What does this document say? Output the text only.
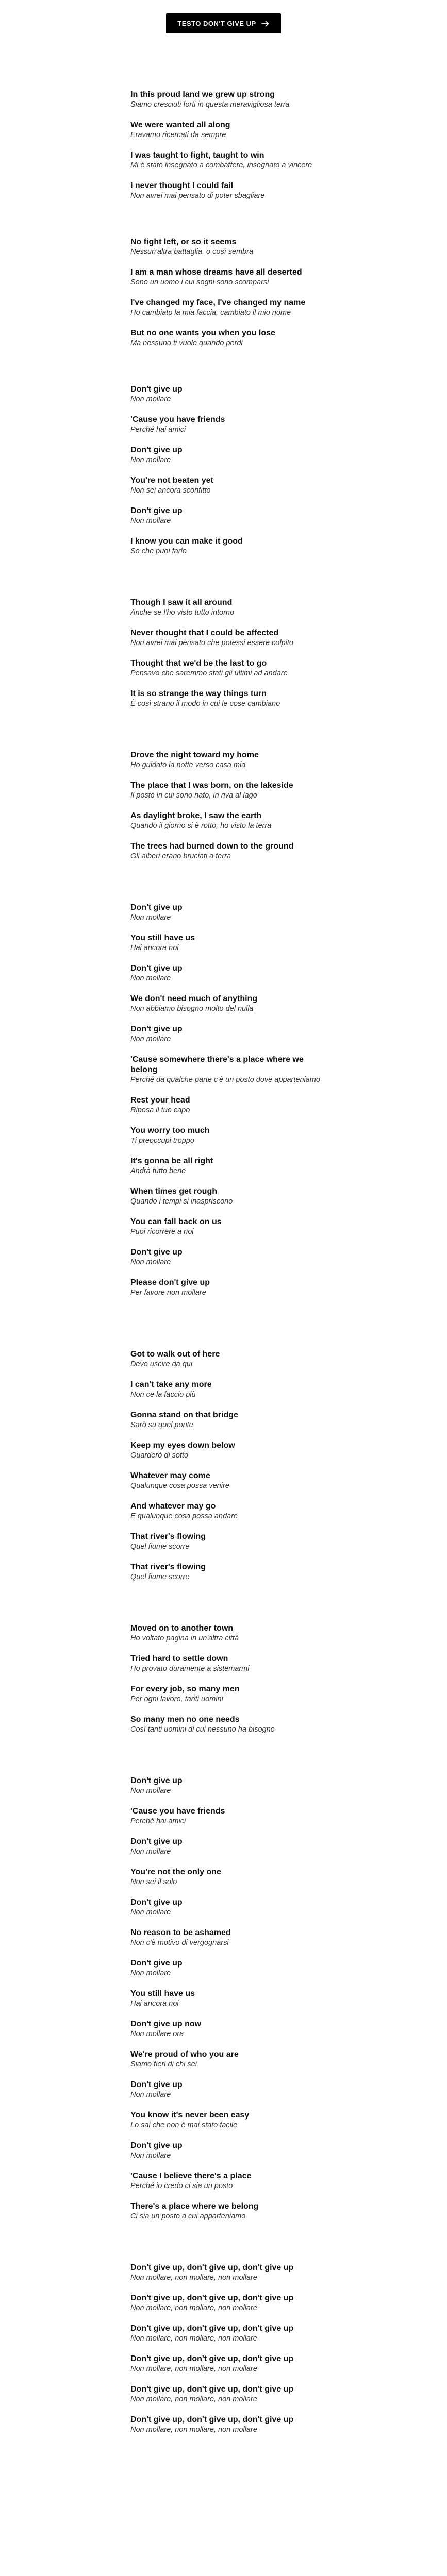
TESTO DON'T GIVE UP
In this proud land we grew up strong
Siamo cresciuti forti in questa meravigliosa terra
We were wanted all along
Eravamo ricercati da sempre
I was taught to fight, taught to win
Mi è stato insegnato a combattere, insegnato a vincere
I never thought I could fail
Non avrei mai pensato di poter sbagliare
No fight left, or so it seems
Nessun'altra battaglia, o così sembra
I am a man whose dreams have all deserted
Sono un uomo i cui sogni sono scomparsi
I've changed my face, I've changed my name
Ho cambiato la mia faccia, cambiato il mio nome
But no one wants you when you lose
Ma nessuno ti vuole quando perdi
Don't give up
Non mollare
'Cause you have friends
Perché hai amici
Don't give up
Non mollare
You're not beaten yet
Non sei ancora sconfitto
Don't give up
Non mollare
I know you can make it good
So che puoi farlo
Though I saw it all around
Anche se l'ho visto tutto intorno
Never thought that I could be affected
Non avrei mai pensato che potessi essere colpito
Thought that we'd be the last to go
Pensavo che saremmo stati gli ultimi ad andare
It is so strange the way things turn
È così strano il modo in cui le cose cambiano
Drove the night toward my home
Ho guidato la notte verso casa mia
The place that I was born, on the lakeside
Il posto in cui sono nato, in riva al lago
As daylight broke, I saw the earth
Quando il giorno si è rotto, ho visto la terra
The trees had burned down to the ground
Gli alberi erano bruciati a terra
Don't give up
Non mollare
You still have us
Hai ancora noi
Don't give up
Non mollare
We don't need much of anything
Non abbiamo bisogno molto del nulla
Don't give up
Non mollare
'Cause somewhere there's a place where we belong
Perché da qualche parte c'è un posto dove apparteniamo
Rest your head
Riposa il tuo capo
You worry too much
Ti preoccupi troppo
It's gonna be all right
Andrà tutto bene
When times get rough
Quando i tempi si inaspriscono
You can fall back on us
Puoi ricorrere a noi
Don't give up
Non mollare
Please don't give up
Per favore non mollare
Got to walk out of here
Devo uscire da qui
I can't take any more
Non ce la faccio più
Gonna stand on that bridge
Sarò su quel ponte
Keep my eyes down below
Guarderò di sotto
Whatever may come
Qualunque cosa possa venire
And whatever may go
E qualunque cosa possa andare
That river's flowing
Quel fiume scorre
That river's flowing
Quel fiume scorre
Moved on to another town
Ho voltato pagina in un'altra città
Tried hard to settle down
Ho provato duramente a sistemarmi
For every job, so many men
Per ogni lavoro, tanti uomini
So many men no one needs
Così tanti uomini di cui nessuno ha bisogno
Don't give up
Non mollare
'Cause you have friends
Perché hai amici
Don't give up
Non mollare
You're not the only one
Non sei il solo
Don't give up
Non mollare
No reason to be ashamed
Non c'è motivo di vergognarsi
Don't give up
Non mollare
You still have us
Hai ancora noi
Don't give up now
Non mollare ora
We're proud of who you are
Siamo fieri di chi sei
Don't give up
Non mollare
You know it's never been easy
Lo sai che non è mai stato facile
Don't give up
Non mollare
'Cause I believe there's a place
Perché io credo ci sia un posto
There's a place where we belong
Ci sia un posto a cui apparteniamo
Don't give up, don't give up, don't give up
Non mollare, non mollare, non mollare
Don't give up, don't give up, don't give up
Non mollare, non mollare, non mollare
Don't give up, don't give up, don't give up
Non mollare, non mollare, non mollare
Don't give up, don't give up, don't give up
Non mollare, non mollare, non mollare
Don't give up, don't give up, don't give up
Non mollare, non mollare, non mollare
Don't give up, don't give up, don't give up
Non mollare, non mollare, non mollare
